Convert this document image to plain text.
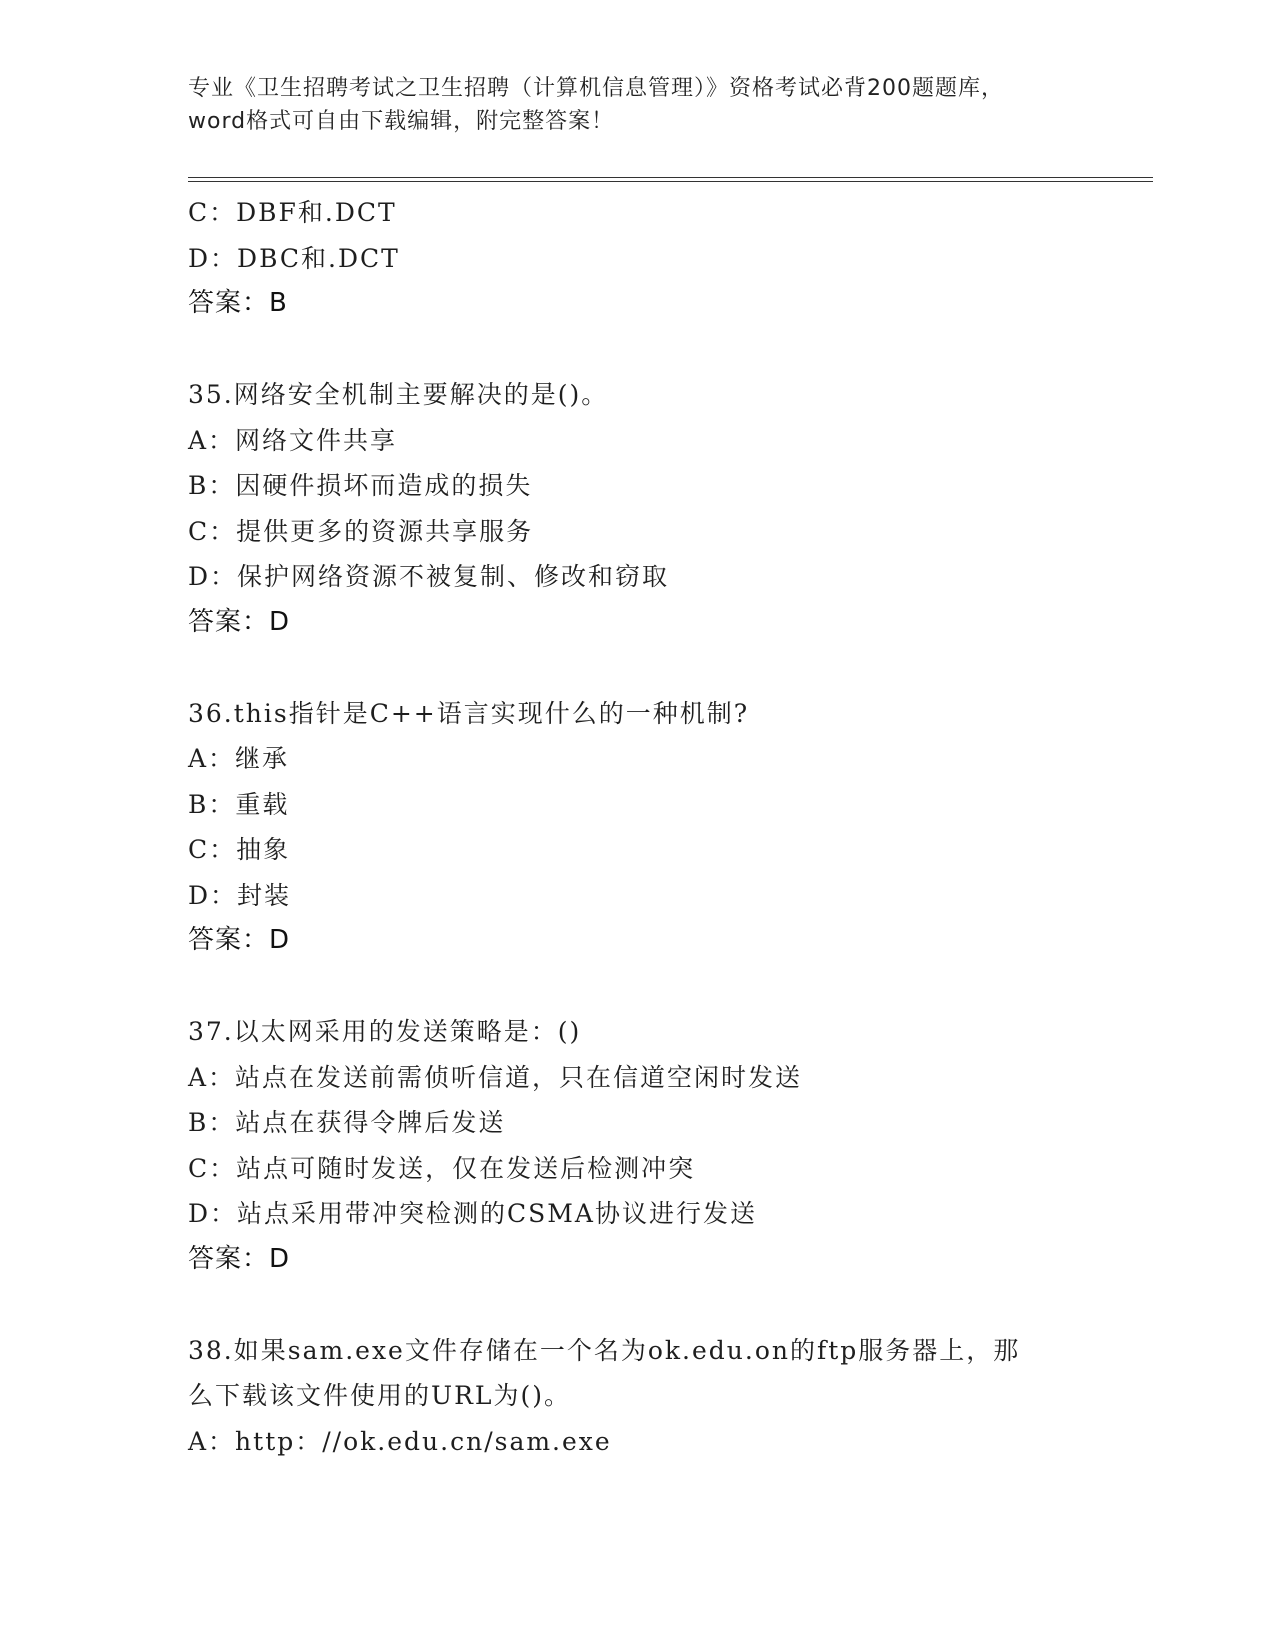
专业《卫生招聘考试之卫生招聘（计算机信息管理）》资格考试必背200题题库，
word格式可自由下载编辑，附完整答案！
C：DBF和.DCT
D：DBC和.DCT
答案：B
35.网络安全机制主要解决的是()。
A：网络文件共享
B：因硬件损坏而造成的损失
C：提供更多的资源共享服务
D：保护网络资源不被复制、修改和窃取
答案：D
36.this指针是C++语言实现什么的一种机制?
A：继承
B：重载
C：抽象
D：封装
答案：D
37.以太网采用的发送策略是：()
A：站点在发送前需侦听信道，只在信道空闲时发送
B：站点在获得令牌后发送
C：站点可随时发送，仅在发送后检测冲突
D：站点采用带冲突检测的CSMA协议进行发送
答案：D
38.如果sam.exe文件存储在一个名为ok.edu.on的ftp服务器上，那
么下载该文件使用的URL为()。
A：http：//ok.edu.cn/sam.exe
